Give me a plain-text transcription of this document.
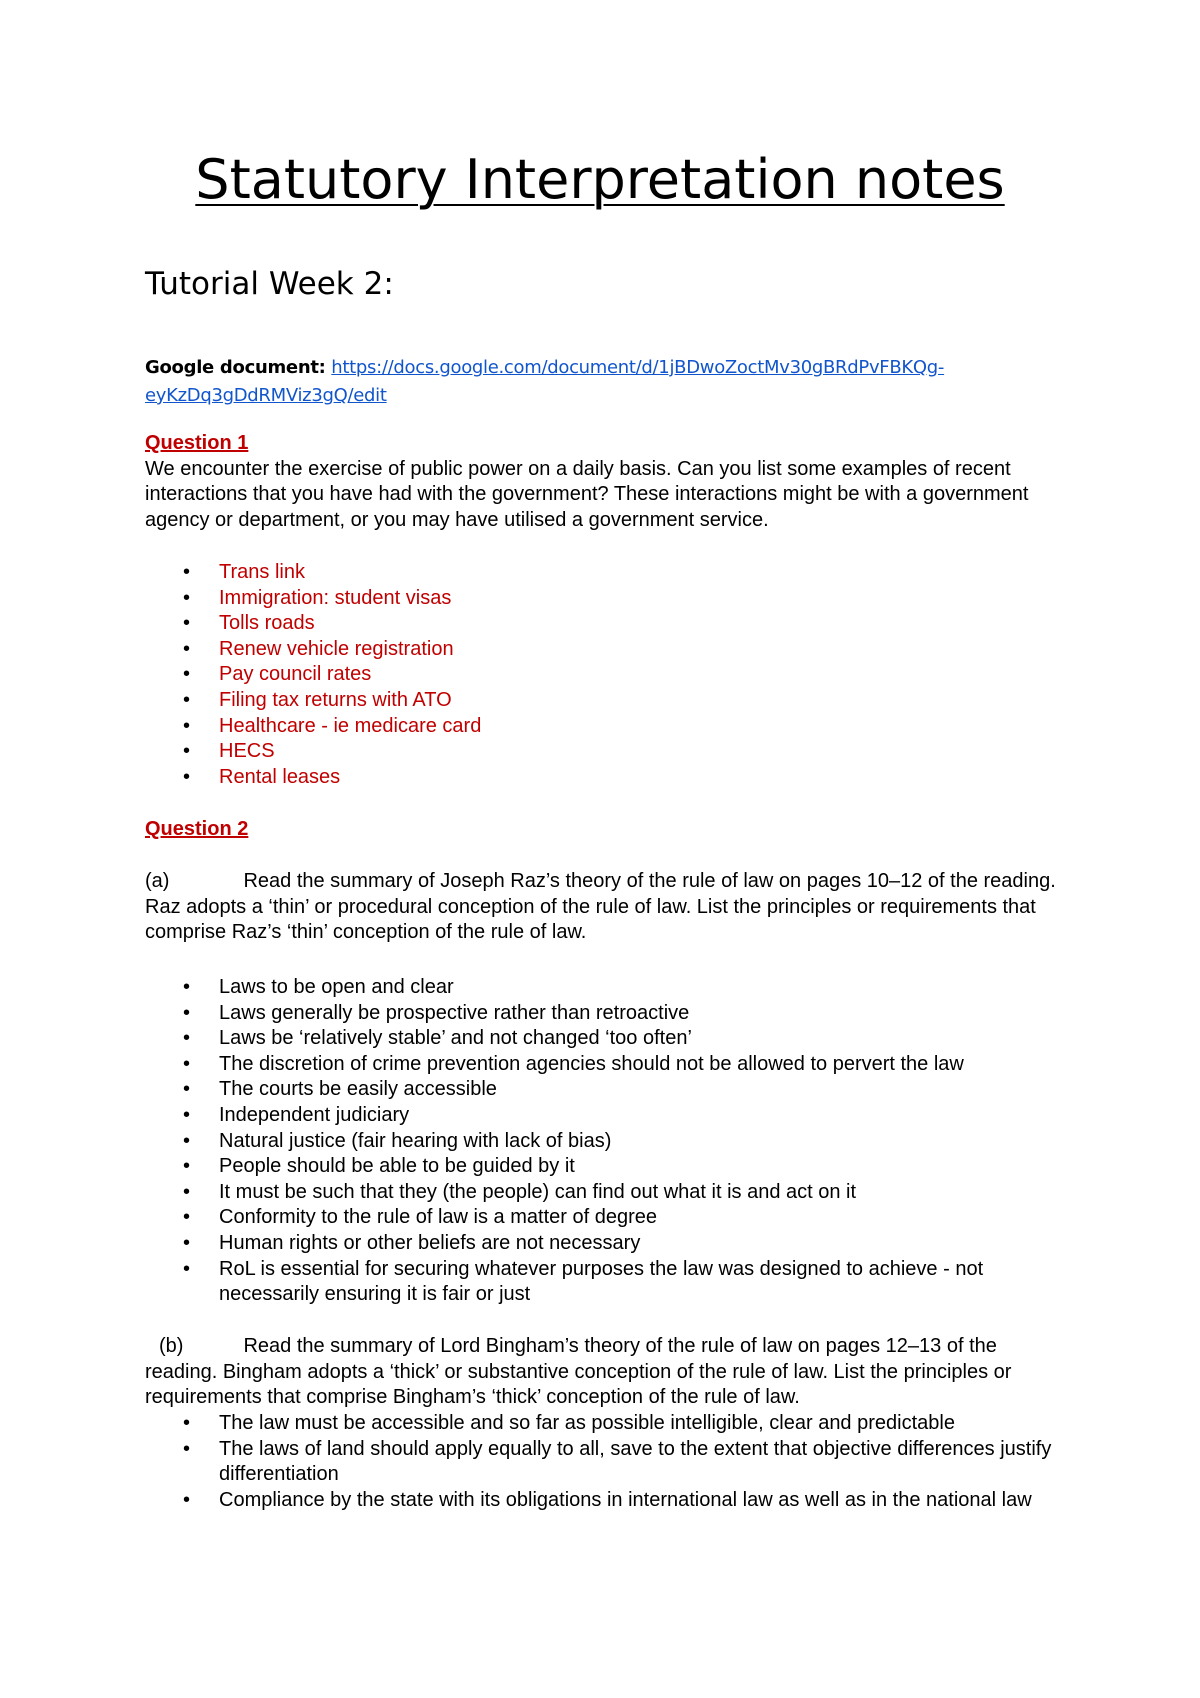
Statutory Interpretation notes
Tutorial Week 2:
Google document: https://docs.google.com/document/d/1jBDwoZoctMv30gBRdPvFBKQg-
eyKzDq3gDdRMViz3gQ/edit

Question 1

We encounter the exercise of public power on a daily basis. Can you list some examples of recent interactions that you have had with the government? These interactions might be with a government agency or department, or you may have utilised a government service.

• Trans link
• Immigration: student visas
• Tolls roads
• Renew vehicle registration
• Pay council rates
• Filing tax returns with ATO
• Healthcare - ie medicare card
• HECS
• Rental leases

Question 2

(a)	Read the summary of Joseph Raz’s theory of the rule of law on pages 10–12 of the reading. Raz adopts a ‘thin’ or procedural conception of the rule of law. List the principles or requirements that comprise Raz’s ‘thin’ conception of the rule of law.

• Laws to be open and clear
• Laws generally be prospective rather than retroactive
• Laws be ‘relatively stable’ and not changed ‘too often’
• The discretion of crime prevention agencies should not be allowed to pervert the law
• The courts be easily accessible
• Independent judiciary
• Natural justice (fair hearing with lack of bias)
• People should be able to be guided by it
• It must be such that they (the people) can find out what it is and act on it
• Conformity to the rule of law is a matter of degree
• Human rights or other beliefs are not necessary
• RoL is essential for securing whatever purposes the law was designed to achieve - not necessarily ensuring it is fair or just

(b)	Read the summary of Lord Bingham’s theory of the rule of law on pages 12–13 of the reading. Bingham adopts a ‘thick’ or substantive conception of the rule of law. List the principles or requirements that comprise Bingham’s ‘thick’ conception of the rule of law.

• The law must be accessible and so far as possible intelligible, clear and predictable
• The laws of land should apply equally to all, save to the extent that objective differences justify differentiation
• Compliance by the state with its obligations in international law as well as in the national law
